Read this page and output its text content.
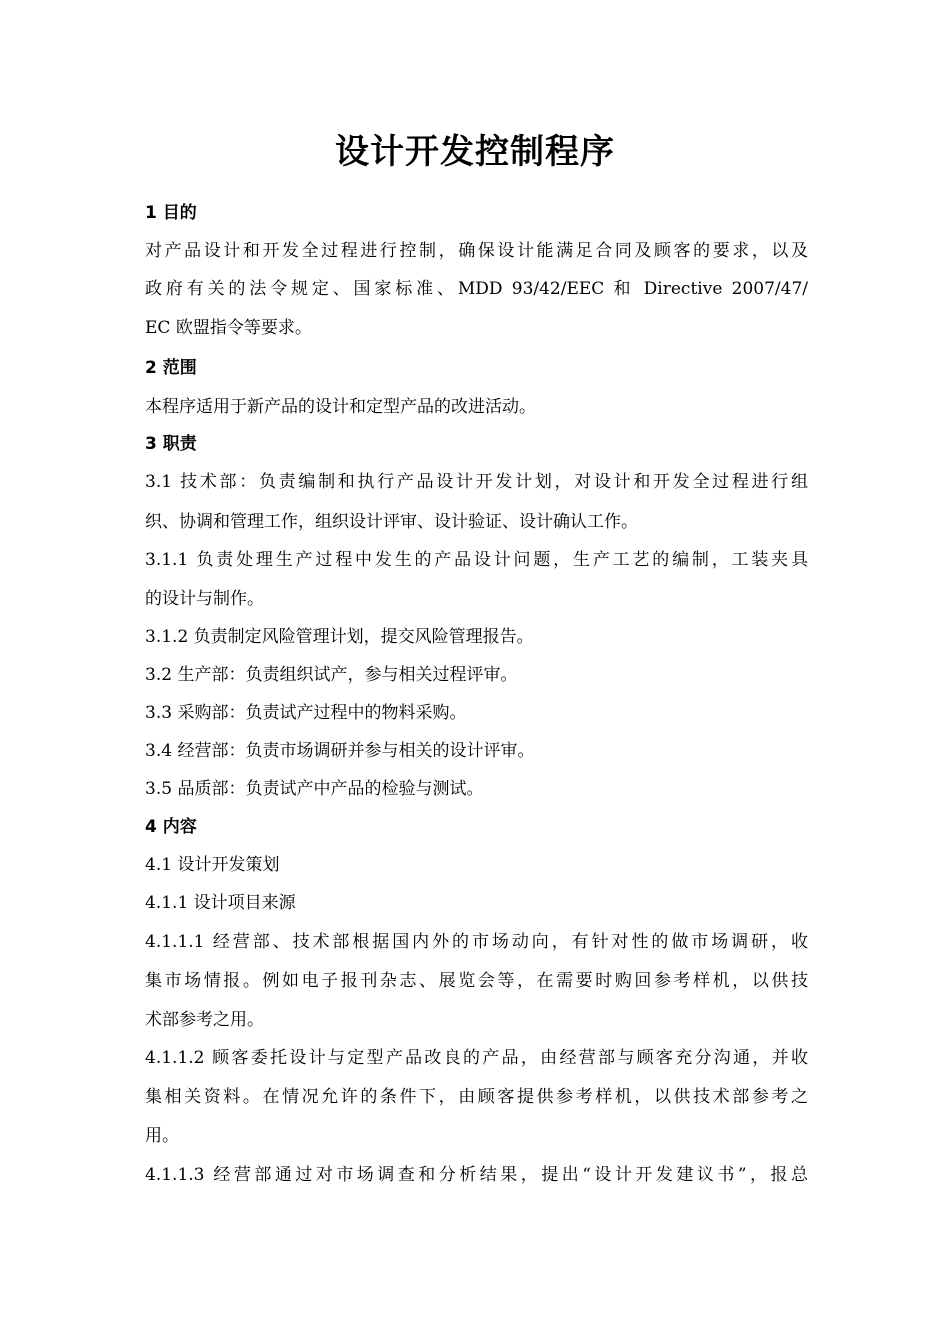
设计开发控制程序
1 目的
对产品设计和开发全过程进行控制，确保设计能满足合同及顾客的要求，以及
政府有关的法令规定、国家标准、MDD 93/42/EEC 和 Directive 2007/47/
EC 欧盟指令等要求。
2 范围
本程序适用于新产品的设计和定型产品的改进活动。
3 职责
3.1 技术部：负责编制和执行产品设计开发计划，对设计和开发全过程进行组
织、协调和管理工作，组织设计评审、设计验证、设计确认工作。
3.1.1 负责处理生产过程中发生的产品设计问题，生产工艺的编制，工装夹具
的设计与制作。
3.1.2 负责制定风险管理计划，提交风险管理报告。
3.2 生产部：负责组织试产，参与相关过程评审。
3.3 采购部：负责试产过程中的物料采购。
3.4 经营部：负责市场调研并参与相关的设计评审。
3.5 品质部：负责试产中产品的检验与测试。
4 内容
4.1 设计开发策划
4.1.1 设计项目来源
4.1.1.1 经营部、技术部根据国内外的市场动向，有针对性的做市场调研，收
集市场情报。例如电子报刊杂志、展览会等，在需要时购回参考样机，以供技
术部参考之用。
4.1.1.2 顾客委托设计与定型产品改良的产品，由经营部与顾客充分沟通，并收
集相关资料。在情况允许的条件下，由顾客提供参考样机，以供技术部参考之
用。
4.1.1.3 经营部通过对市场调查和分析结果，提出“设计开发建议书”，报总
